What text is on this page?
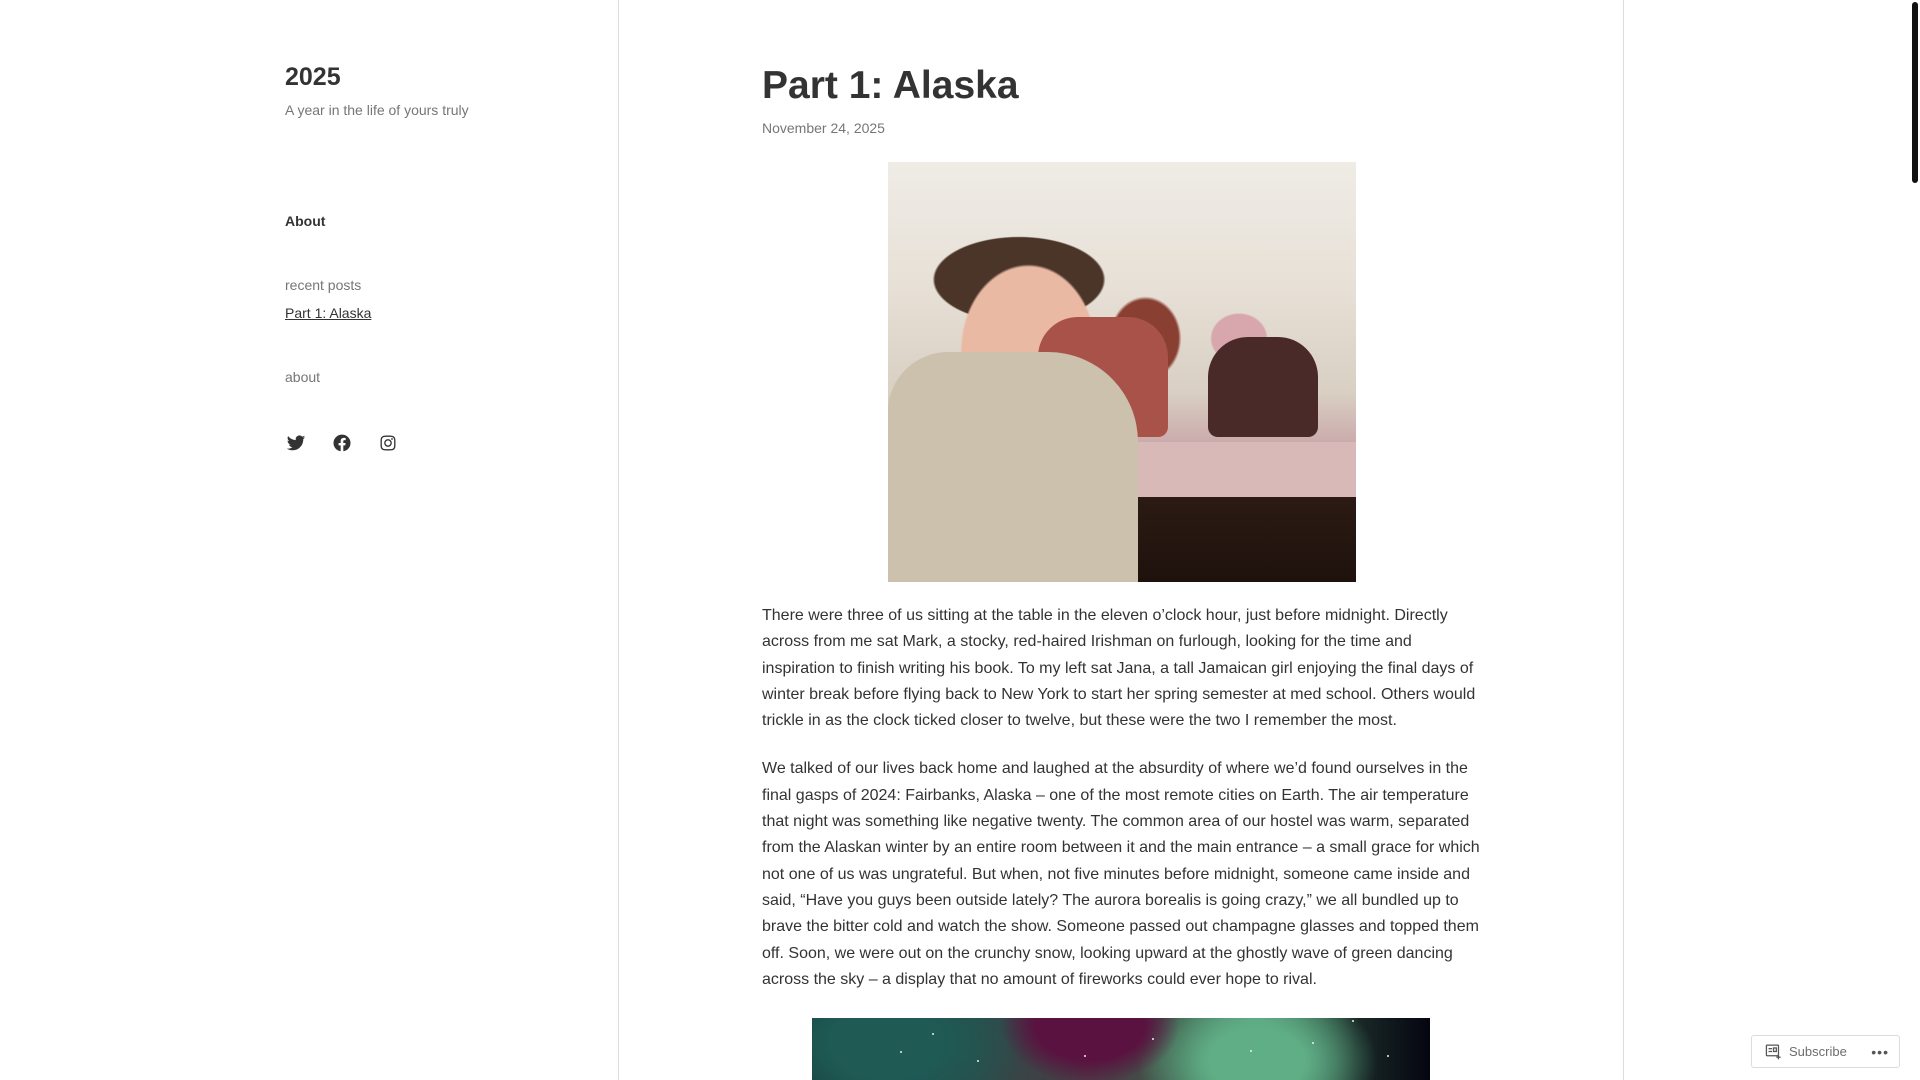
2025
A year in the life of yours truly
About
recent posts
Part 1: Alaska
about
Part 1: Alaska
November 24, 2025

There were three of us sitting at the table in the eleven o’clock hour, just before midnight. Directly across from me sat Mark, a stocky, red-haired Irishman on furlough, looking for the time and inspiration to finish writing his book. To my left sat Jana, a tall Jamaican girl enjoying the final days of winter break before flying back to New York to start her spring semester at med school. Others would trickle in as the clock ticked closer to twelve, but these were the two I remember the most.

We talked of our lives back home and laughed at the absurdity of where we’d found ourselves in the final gasps of 2024: Fairbanks, Alaska – one of the most remote cities on Earth. The air temperature that night was something like negative twenty. The common area of our hostel was warm, separated from the Alaskan winter by an entire room between it and the main entrance – a small grace for which not one of us was ungrateful. But when, not five minutes before midnight, someone came inside and said, “Have you guys been outside lately? The aurora borealis is going crazy,” we all bundled up to brave the bitter cold and watch the show. Someone passed out champagne glasses and topped them off. Soon, we were out on the crunchy snow, looking upward at the ghostly wave of green dancing across the sky – a display that no amount of fireworks could ever hope to rival.

Subscribe •••
